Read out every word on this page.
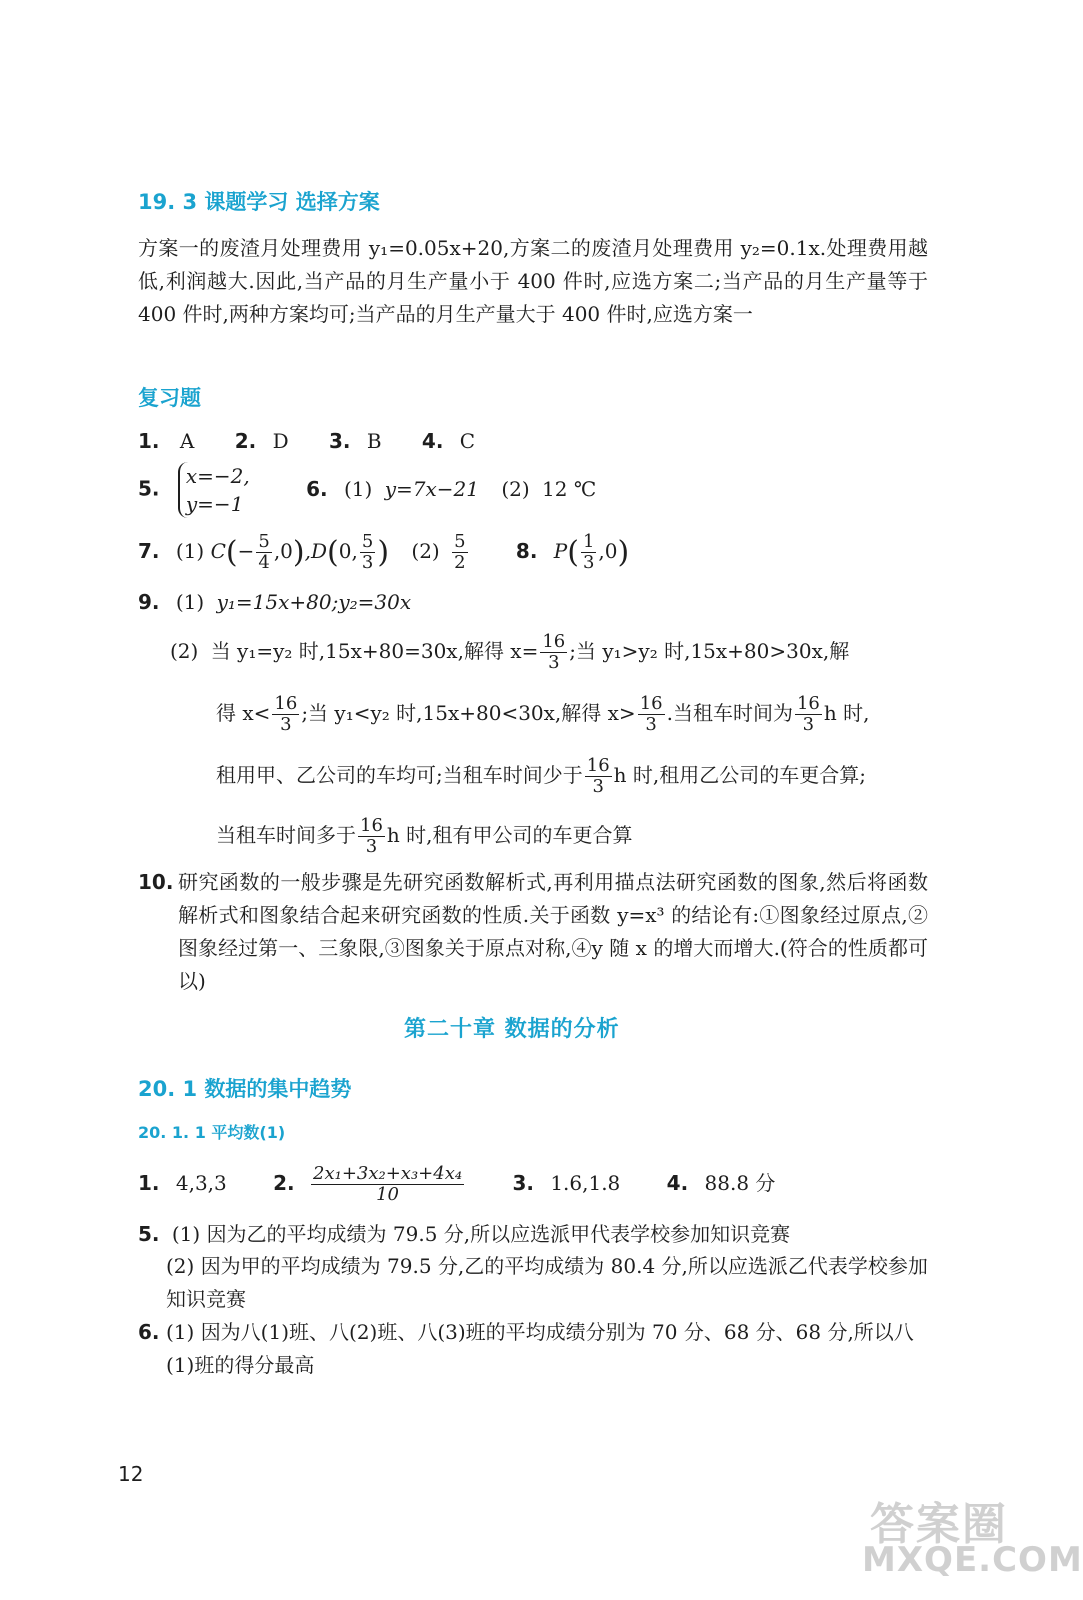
19. 3 课题学习 选择方案
方案一的废渣月处理费用 y₁=0.05x+20,方案二的废渣月处理费用 y₂=0.1x.处理费用越低,利润越大.因此,当产品的月生产量小于 400 件时,应选方案二;当产品的月生产量等于 400 件时,两种方案均可;当产品的月生产量大于 400 件时,应选方案一
复习题
1. A 2. D 3. B 4. C
5.
x=−2,
y=−1
6. (1) y=7x−21 (2) 12 ℃
7. (1) $C(- \frac{5}{4} ,0),D(0$, $\frac{5}{3}$ ) $(2) \frac{5}{2} 8$. $P( \frac{1}{3} ,0)$
9. (1) y₁=15x+80;y₂=30x
(2) 当 y₁=y₂ 时,15x+80=30x,解得 $x= \frac{16}{3}$ ;当 y₁>y₂ 时,15x+80>30x,解
得 $x< \frac{16}{3}$ ;当 y₁<y₂ 时,15x+80<30x,解得 $x> \frac{16}{3}$ .当租车时间为 $\frac{16}{3}$ h 时,
租用甲、乙公司的车均可;当租车时间少于 $\frac{16}{3}$ h 时,租用乙公司的车更合算;
当租车时间多于 $\frac{16}{3}$ h 时,租有甲公司的车更合算
10. 研究函数的一般步骤是先研究函数解析式,再利用描点法研究函数的图象,然后将函数解析式和图象结合起来研究函数的性质.关于函数 y=x³ 的结论有:①图象经过原点,②图象经过第一、三象限,③图象关于原点对称,④y 随 x 的增大而增大.(符合的性质都可以)
第二十章 数据的分析
20. 1 数据的集中趋势
20. 1. 1 平均数(1)
1. 4,3,3 2. $\frac{\text{2x₁+3x₂+x₃+4x₄}}{10} 3$. 1.6,1.8 4. 88.8 分
5. (1) 因为乙的平均成绩为 79.5 分,所以应选派甲代表学校参加知识竞赛
(2) 因为甲的平均成绩为 79.5 分,乙的平均成绩为 80.4 分,所以应选派乙代表学校参加知识竞赛
6. (1) 因为八(1)班、八(2)班、八(3)班的平均成绩分别为 70 分、68 分、68 分,所以八(1)班的得分最高
12
答案圈
MXQE.COM
